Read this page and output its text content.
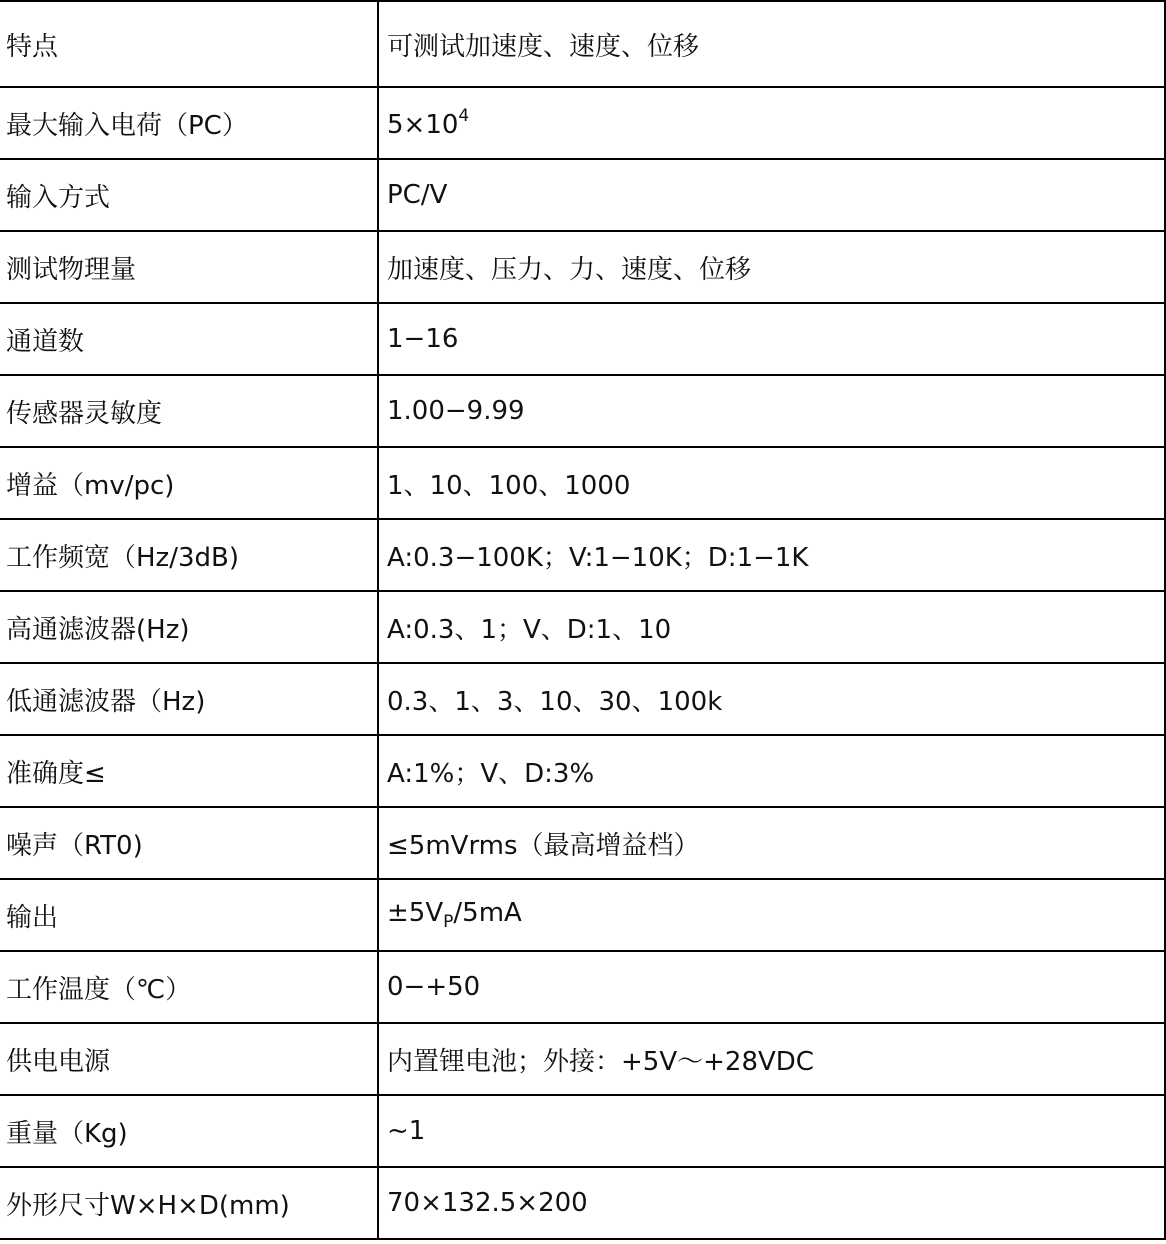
特点	可测试加速度、速度、位移
最大输入电荷（PC）	$5\times 10^4$
输入方式	PC/V
测试物理量	加速度、压力、力、速度、位移
通道数	1−16
传感器灵敏度	1.00−9.99
增益（mv/pc)	1、10、100、1000
工作频宽（Hz/3dB)	A:0.3−100K；V:1−10K；D:1−1K
高通滤波器(Hz)	A:0.3、1；V、D:1、10
低通滤波器（Hz)	0.3、1、3、10、30、100k
准确度≤	A:1%；V、D:3%
噪声（RT0)	≤5mVrms（最高增益档）
输出	$\pm 5V_P/5mA$
工作温度（℃）	0−+50
供电电源	内置锂电池；外接：+5V～+28VDC
重量（Kg)	~1
外形尺寸W×H×D(mm)	70×132.5×200
